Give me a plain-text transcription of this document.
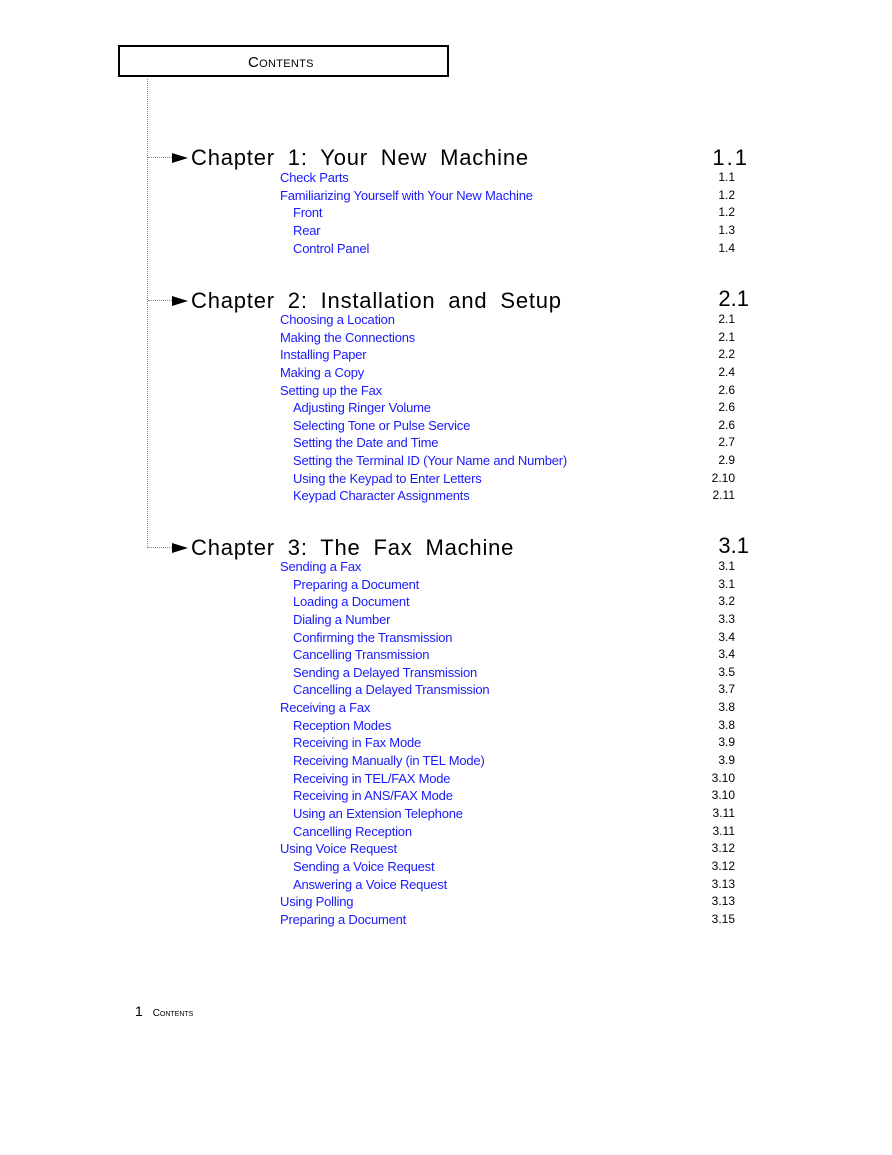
Contents
Chapter 1: Your New Machine	1.1
Check Parts	1.1
Familiarizing Yourself with Your New Machine	1.2
Front	1.2
Rear	1.3
Control Panel	1.4
Chapter 2: Installation and Setup	2.1
Choosing a Location	2.1
Making the Connections	2.1
Installing Paper	2.2
Making a Copy	2.4
Setting up the Fax	2.6
Adjusting Ringer Volume	2.6
Selecting Tone or Pulse Service	2.6
Setting the Date and Time	2.7
Setting the Terminal ID (Your Name and Number)	2.9
Using the Keypad to Enter Letters	2.10
Keypad Character Assignments	2.11
Chapter 3: The Fax Machine	3.1
Sending a Fax	3.1
Preparing a Document	3.1
Loading a Document	3.2
Dialing a Number	3.3
Confirming the Transmission	3.4
Cancelling Transmission	3.4
Sending a Delayed Transmission	3.5
Cancelling a Delayed Transmission	3.7
Receiving a Fax	3.8
Reception Modes	3.8
Receiving in Fax Mode	3.9
Receiving Manually (in TEL Mode)	3.9
Receiving in TEL/FAX Mode	3.10
Receiving in ANS/FAX Mode	3.10
Using an Extension Telephone	3.11
Cancelling Reception	3.11
Using Voice Request	3.12
Sending a Voice Request	3.12
Answering a Voice Request	3.13
Using Polling	3.13
Preparing a Document	3.15
1 Contents
